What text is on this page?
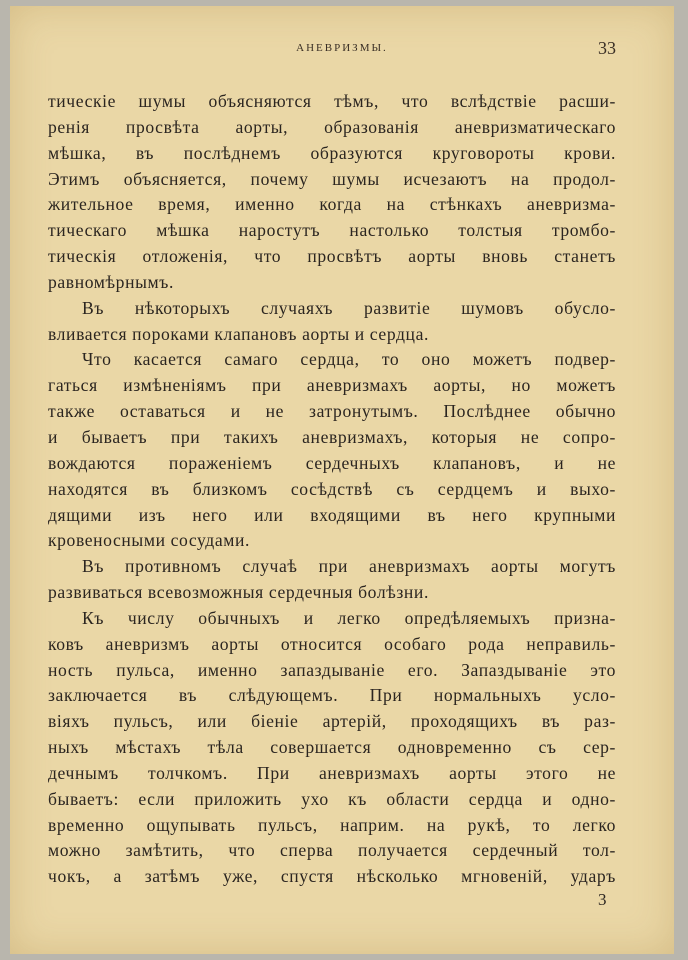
АНЕВРИЗМЫ.	33
тическіе шумы объясняются тѣмъ, что вслѣдствіе расши-
ренія просвѣта аорты, образованія аневризматическаго
мѣшка, въ послѣднемъ образуются круговороты крови.
Этимъ объясняется, почему шумы исчезаютъ на продол-
жительное время, именно когда на стѣнкахъ аневризма-
тическаго мѣшка наростутъ настолько толстыя тромбо-
тическія отложенія, что просвѣтъ аорты вновь станетъ
равномѣрнымъ.
Въ нѣкоторыхъ случаяхъ развитіе шумовъ обусло-
вливается пороками клапановъ аорты и сердца.
Что касается самаго сердца, то оно можетъ подвер-
гаться измѣненіямъ при аневризмахъ аорты, но можетъ
также оставаться и не затронутымъ. Послѣднее обычно
и бываетъ при такихъ аневризмахъ, которыя не сопро-
вождаются пораженіемъ сердечныхъ клапановъ, и не
находятся въ близкомъ сосѣдствѣ съ сердцемъ и выхо-
дящими изъ него или входящими въ него крупными
кровеносными сосудами.
Въ противномъ случаѣ при аневризмахъ аорты могутъ
развиваться всевозможныя сердечныя болѣзни.
Къ числу обычныхъ и легко опредѣляемыхъ призна-
ковъ аневризмъ аорты относится особаго рода неправиль-
ность пульса, именно запаздываніе его. Запаздываніе это
заключается въ слѣдующемъ. При нормальныхъ усло-
віяхъ пульсъ, или біеніе артерій, проходящихъ въ раз-
ныхъ мѣстахъ тѣла совершается одновременно съ сер-
дечнымъ толчкомъ. При аневризмахъ аорты этого не
бываетъ: если приложить ухо къ области сердца и одно-
временно ощупывать пульсъ, наприм. на рукѣ, то легко
можно замѣтить, что сперва получается сердечный тол-
чокъ, а затѣмъ уже, спустя нѣсколько мгновеній, ударъ
3
